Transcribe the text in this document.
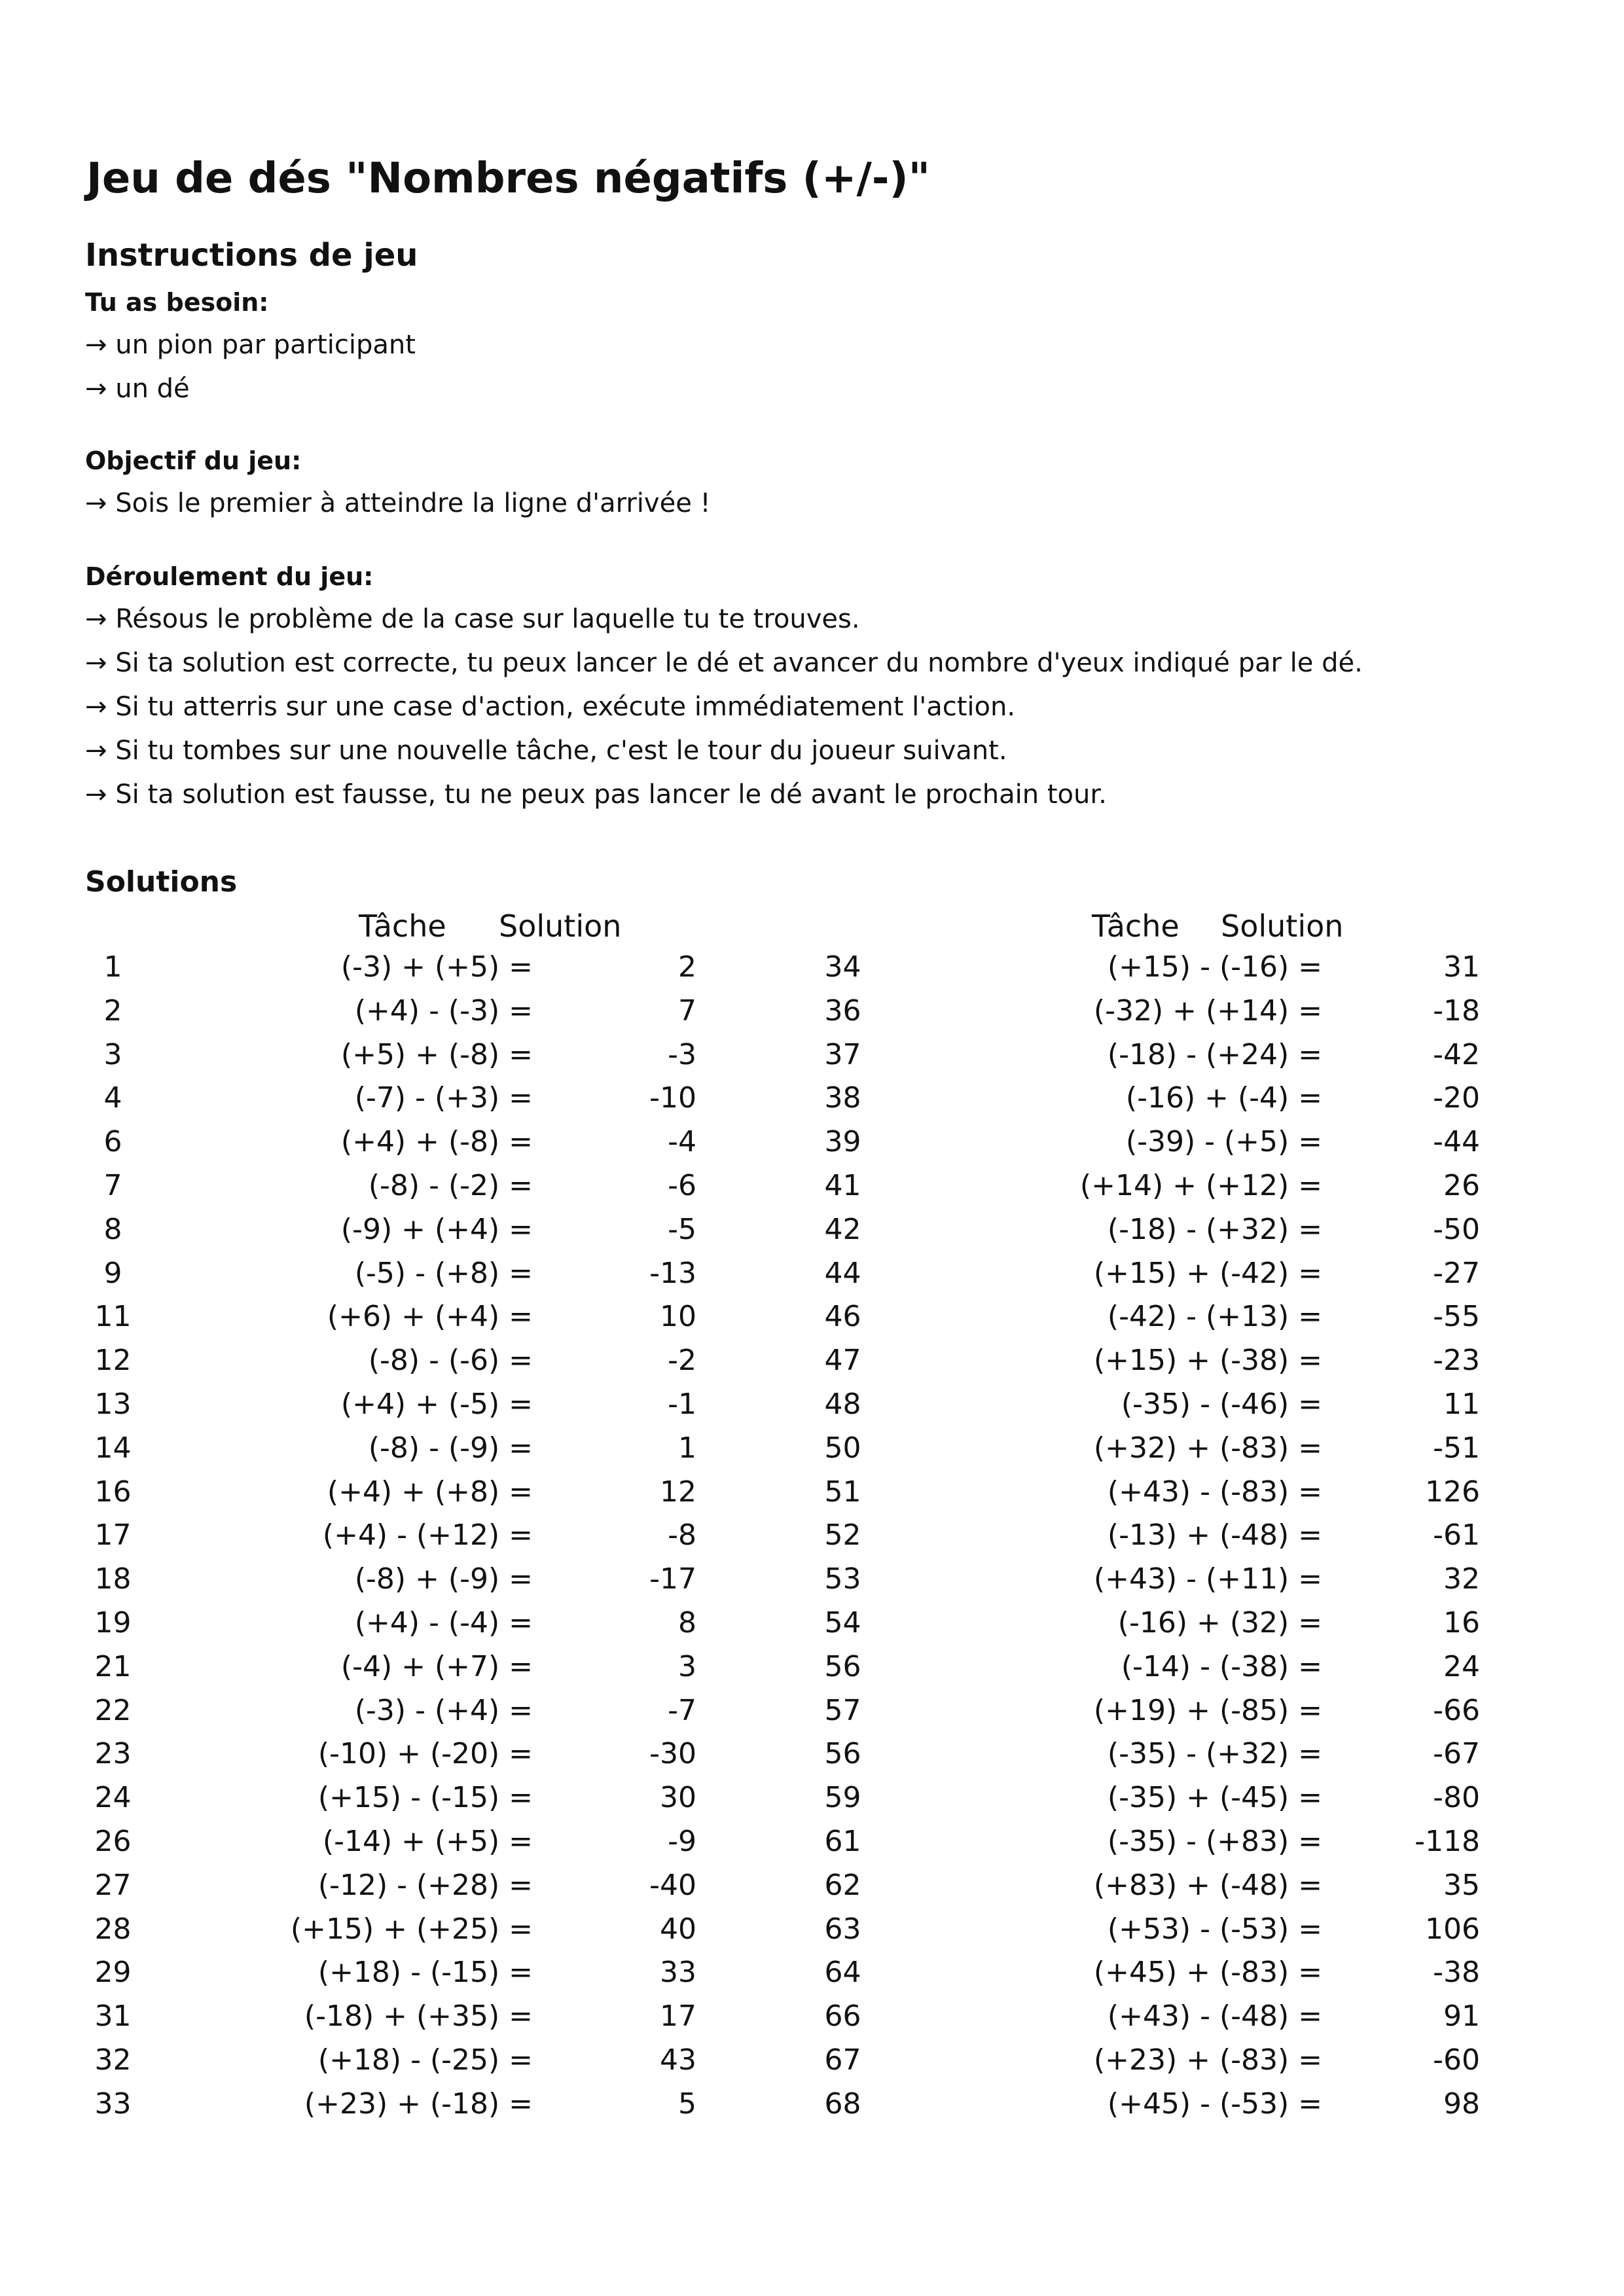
Jeu de dés "Nombres négatifs (+/-)"
Instructions de jeu
Tu as besoin:
→ un pion par participant
→ un dé
Objectif du jeu:
→ Sois le premier à atteindre la ligne d'arrivée !
Déroulement du jeu:
→ Résous le problème de la case sur laquelle tu te trouves.
→ Si ta solution est correcte, tu peux lancer le dé et avancer du nombre d'yeux indiqué par le dé.
→ Si tu atterris sur une case d'action, exécute immédiatement l'action.
→ Si tu tombes sur une nouvelle tâche, c'est le tour du joueur suivant.
→ Si ta solution est fausse, tu ne peux pas lancer le dé avant le prochain tour.
Solutions
Tâche Solution
1	(-3) + (+5) =	2
2	(+4) - (-3) =	7
3	(+5) + (-8) =	-3
4	(-7) - (+3) =	-10
6	(+4) + (-8) =	-4
7	(-8) - (-2) =	-6
8	(-9) + (+4) =	-5
9	(-5) - (+8) =	-13
11	(+6) + (+4) =	10
12	(-8) - (-6) =	-2
13	(+4) + (-5) =	-1
14	(-8) - (-9) =	1
16	(+4) + (+8) =	12
17	(+4) - (+12) =	-8
18	(-8) + (-9) =	-17
19	(+4) - (-4) =	8
21	(-4) + (+7) =	3
22	(-3) - (+4) =	-7
23	(-10) + (-20) =	-30
24	(+15) - (-15) =	30
26	(-14) + (+5) =	-9
27	(-12) - (+28) =	-40
28	(+15) + (+25) =	40
29	(+18) - (-15) =	33
31	(-18) + (+35) =	17
32	(+18) - (-25) =	43
33	(+23) + (-18) =	5
Tâche Solution
34	(+15) - (-16) =	31
36	(-32) + (+14) =	-18
37	(-18) - (+24) =	-42
38	(-16) + (-4) =	-20
39	(-39) - (+5) =	-44
41	(+14) + (+12) =	26
42	(-18) - (+32) =	-50
44	(+15) + (-42) =	-27
46	(-42) - (+13) =	-55
47	(+15) + (-38) =	-23
48	(-35) - (-46) =	11
50	(+32) + (-83) =	-51
51	(+43) - (-83) =	126
52	(-13) + (-48) =	-61
53	(+43) - (+11) =	32
54	(-16) + (32) =	16
56	(-14) - (-38) =	24
57	(+19) + (-85) =	-66
56	(-35) - (+32) =	-67
59	(-35) + (-45) =	-80
61	(-35) - (+83) =	-118
62	(+83) + (-48) =	35
63	(+53) - (-53) =	106
64	(+45) + (-83) =	-38
66	(+43) - (-48) =	91
67	(+23) + (-83) =	-60
68	(+45) - (-53) =	98
